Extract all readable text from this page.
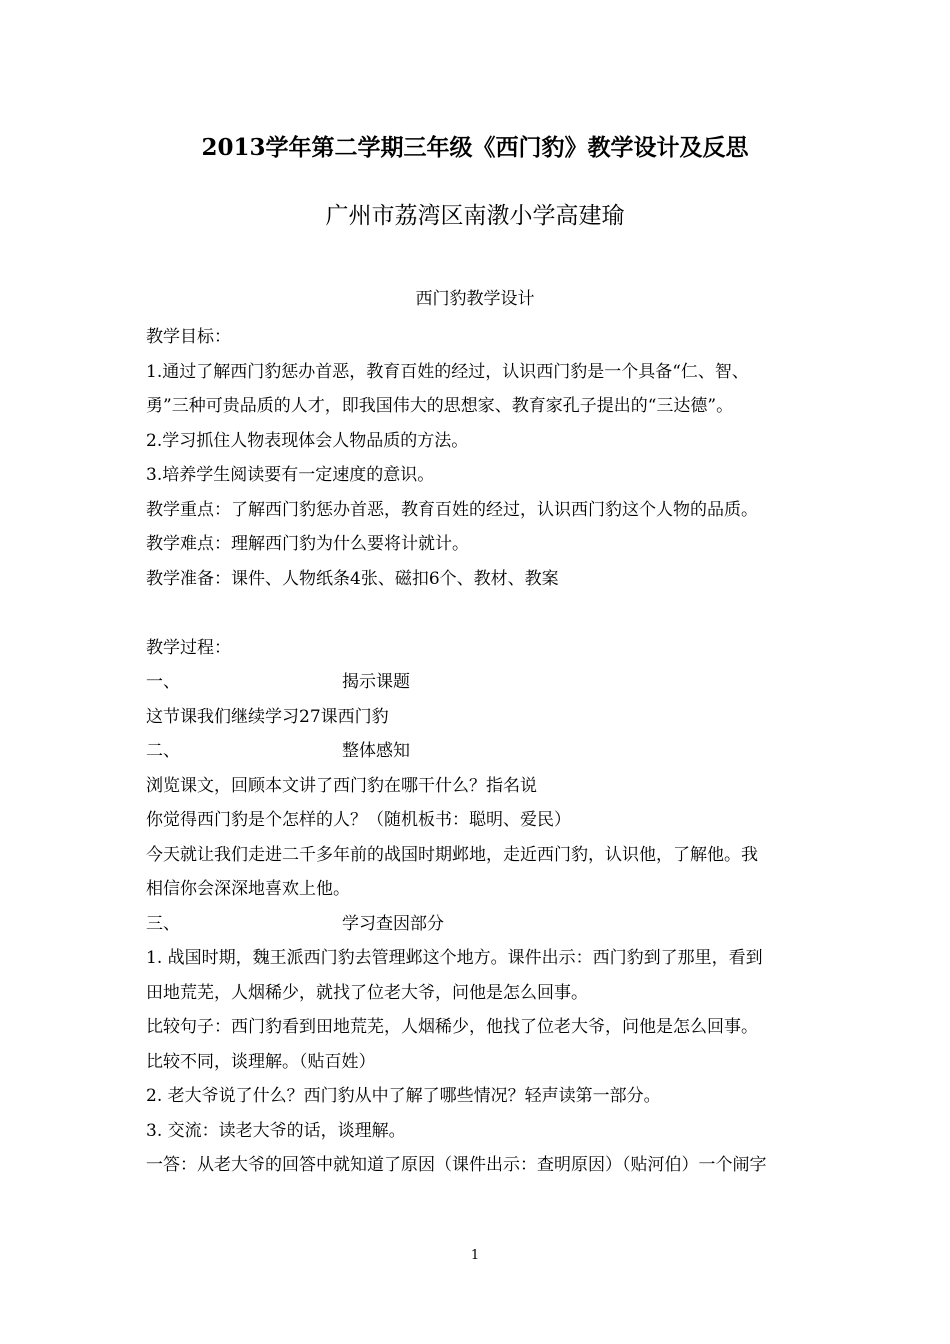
2013学年第二学期三年级《西门豹》教学设计及反思
广州市荔湾区南漖小学高建瑜
西门豹教学设计
教学目标：
1.通过了解西门豹惩办首恶，教育百姓的经过，认识西门豹是一个具备“仁、智、
勇”三种可贵品质的人才，即我国伟大的思想家、教育家孔子提出的“三达德”。
2.学习抓住人物表现体会人物品质的方法。
3.培养学生阅读要有一定速度的意识。
教学重点：了解西门豹惩办首恶，教育百姓的经过，认识西门豹这个人物的品质。
教学难点：理解西门豹为什么要将计就计。
教学准备：课件、人物纸条4张、磁扣6个、教材、教案
教学过程：
一、	揭示课题
这节课我们继续学习27课西门豹
二、	整体感知
浏览课文，回顾本文讲了西门豹在哪干什么？指名说
你觉得西门豹是个怎样的人？（随机板书：聪明、爱民）
今天就让我们走进二千多年前的战国时期邺地，走近西门豹，认识他，了解他。我
相信你会深深地喜欢上他。
三、	学习查因部分
1. 战国时期，魏王派西门豹去管理邺这个地方。课件出示：西门豹到了那里，看到
田地荒芜，人烟稀少，就找了位老大爷，问他是怎么回事。
比较句子：西门豹看到田地荒芜，人烟稀少，他找了位老大爷，问他是怎么回事。
比较不同，谈理解。（贴百姓）
2. 老大爷说了什么？西门豹从中了解了哪些情况？轻声读第一部分。
3. 交流：读老大爷的话，谈理解。
一答：从老大爷的回答中就知道了原因（课件出示：查明原因）（贴河伯）一个闹字
1
